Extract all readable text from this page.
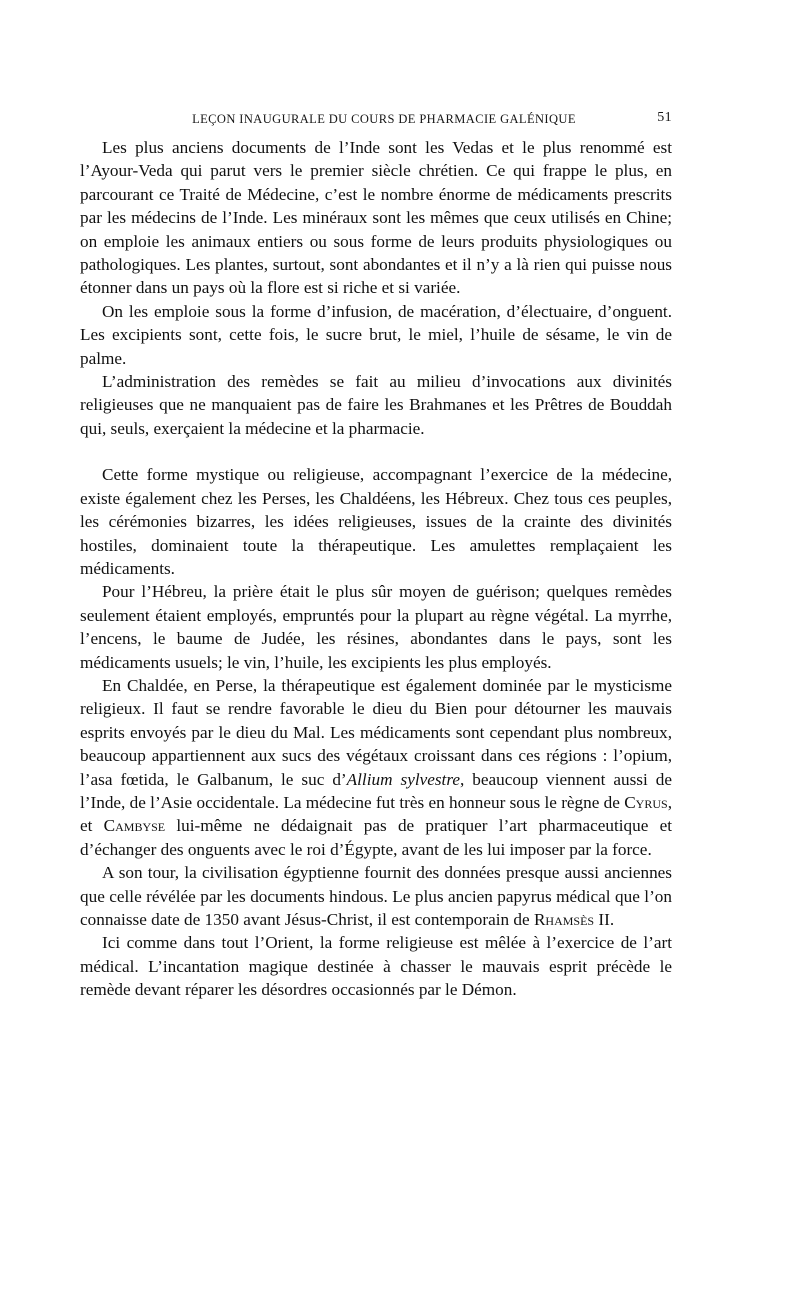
LEÇON INAUGURALE DU COURS DE PHARMACIE GALÉNIQUE	51

Les plus anciens documents de l’Inde sont les Vedas et le plus renommé est l’Ayour-Veda qui parut vers le premier siècle chrétien. Ce qui frappe le plus, en parcourant ce Traité de Médecine, c’est le nombre énorme de médicaments prescrits par les médecins de l’Inde. Les minéraux sont les mêmes que ceux utilisés en Chine; on emploie les animaux entiers ou sous forme de leurs produits physiologiques ou pathologiques. Les plantes, surtout, sont abondantes et il n’y a là rien qui puisse nous étonner dans un pays où la flore est si riche et si variée.

On les emploie sous la forme d’infusion, de macération, d’électuaire, d’onguent. Les excipients sont, cette fois, le sucre brut, le miel, l’huile de sésame, le vin de palme.

L’administration des remèdes se fait au milieu d’invocations aux divinités religieuses que ne manquaient pas de faire les Brahmanes et les Prêtres de Bouddah qui, seuls, exerçaient la médecine et la pharmacie.

Cette forme mystique ou religieuse, accompagnant l’exercice de la médecine, existe également chez les Perses, les Chaldéens, les Hébreux. Chez tous ces peuples, les cérémonies bizarres, les idées religieuses, issues de la crainte des divinités hostiles, dominaient toute la thérapeutique. Les amulettes remplaçaient les médicaments.

Pour l’Hébreu, la prière était le plus sûr moyen de guérison; quelques remèdes seulement étaient employés, empruntés pour la plupart au règne végétal. La myrrhe, l’encens, le baume de Judée, les résines, abondantes dans le pays, sont les médicaments usuels; le vin, l’huile, les excipients les plus employés.

En Chaldée, en Perse, la thérapeutique est également dominée par le mysticisme religieux. Il faut se rendre favorable le dieu du Bien pour détourner les mauvais esprits envoyés par le dieu du Mal. Les médicaments sont cependant plus nombreux, beaucoup appartiennent aux sucs des végétaux croissant dans ces régions : l’opium, l’asa fœtida, le Galbanum, le suc d’Allium sylvestre, beaucoup viennent aussi de l’Inde, de l’Asie occidentale. La médecine fut très en honneur sous le règne de Cyrus, et Cambyse lui-même ne dédaignait pas de pratiquer l’art pharmaceutique et d’échanger des onguents avec le roi d’Égypte, avant de les lui imposer par la force.

A son tour, la civilisation égyptienne fournit des données presque aussi anciennes que celle révélée par les documents hindous. Le plus ancien papyrus médical que l’on connaisse date de 1350 avant Jésus-Christ, il est contemporain de Rhamsès II.

Ici comme dans tout l’Orient, la forme religieuse est mêlée à l’exercice de l’art médical. L’incantation magique destinée à chasser le mauvais esprit précède le remède devant réparer les désordres occasionnés par le Démon.
